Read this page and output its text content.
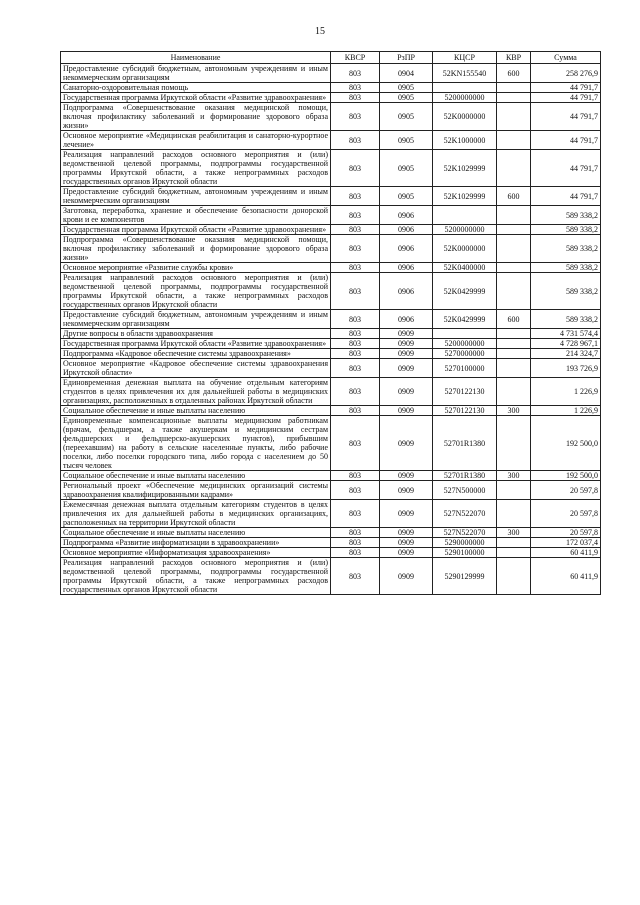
15
Наименование	КВСР	РзПР	КЦСР	КВР	Сумма
Предоставление субсидий бюджетным, автономным учреждениям и иным некоммерческим организациям	803	0904	52KN155540	600	258 276,9
Санаторно-оздоровительная помощь	803	0905			44 791,7
Государственная программа Иркутской области «Развитие здравоохранения»	803	0905	5200000000		44 791,7
Подпрограмма «Совершенствование оказания медицинской помощи, включая профилактику заболеваний и формирование здорового образа жизни»	803	0905	52K0000000		44 791,7
Основное мероприятие «Медицинская реабилитация и санаторно-курортное лечение»	803	0905	52K1000000		44 791,7
Реализация направлений расходов основного мероприятия и (или) ведомственной целевой программы, подпрограммы государственной программы Иркутской области, а также непрограммных расходов государственных органов Иркутской области	803	0905	52K1029999		44 791,7
Предоставление субсидий бюджетным, автономным учреждениям и иным некоммерческим организациям	803	0905	52K1029999	600	44 791,7
Заготовка, переработка, хранение и обеспечение безопасности донорской крови и ее компонентов	803	0906			589 338,2
Государственная программа Иркутской области «Развитие здравоохранения»	803	0906	5200000000		589 338,2
Подпрограмма «Совершенствование оказания медицинской помощи, включая профилактику заболеваний и формирование здорового образа жизни»	803	0906	52K0000000		589 338,2
Основное мероприятие «Развитие службы крови»	803	0906	52K0400000		589 338,2
Реализация направлений расходов основного мероприятия и (или) ведомственной целевой программы, подпрограммы государственной программы Иркутской области, а также непрограммных расходов государственных органов Иркутской области	803	0906	52K0429999		589 338,2
Предоставление субсидий бюджетным, автономным учреждениям и иным некоммерческим организациям	803	0906	52K0429999	600	589 338,2
Другие вопросы в области здравоохранения	803	0909			4 731 574,4
Государственная программа Иркутской области «Развитие здравоохранения»	803	0909	5200000000		4 728 967,1
Подпрограмма «Кадровое обеспечение системы здравоохранения»	803	0909	5270000000		214 324,7
Основное мероприятие «Кадровое обеспечение системы здравоохранения Иркутской области»	803	0909	5270100000		193 726,9
Единовременная денежная выплата на обучение отдельным категориям студентов в целях привлечения их для дальнейшей работы в медицинских организациях, расположенных в отдаленных районах Иркутской области	803	0909	5270122130		1 226,9
Социальное обеспечение и иные выплаты населению	803	0909	5270122130	300	1 226,9
Единовременные компенсационные выплаты медицинским работникам (врачам, фельдшерам, а также акушеркам и медицинским сестрам фельдшерских и фельдшерско-акушерских пунктов), прибывшим (переехавшим) на работу в сельские населенные пункты, либо рабочие поселки, либо поселки городского типа, либо города с населением до 50 тысяч человек	803	0909	52701R1380		192 500,0
Социальное обеспечение и иные выплаты населению	803	0909	52701R1380	300	192 500,0
Региональный проект «Обеспечение медицинских организаций системы здравоохранения квалифицированными кадрами»	803	0909	527N500000		20 597,8
Ежемесячная денежная выплата отдельным категориям студентов в целях привлечения их для дальнейшей работы в медицинских организациях, расположенных на территории Иркутской области	803	0909	527N522070		20 597,8
Социальное обеспечение и иные выплаты населению	803	0909	527N522070	300	20 597,8
Подпрограмма «Развитие информатизации в здравоохранении»	803	0909	5290000000		172 037,4
Основное мероприятие «Информатизация здравоохранения»	803	0909	5290100000		60 411,9
Реализация направлений расходов основного мероприятия и (или) ведомственной целевой программы, подпрограммы государственной программы Иркутской области, а также непрограммных расходов государственных органов Иркутской области	803	0909	5290129999		60 411,9
